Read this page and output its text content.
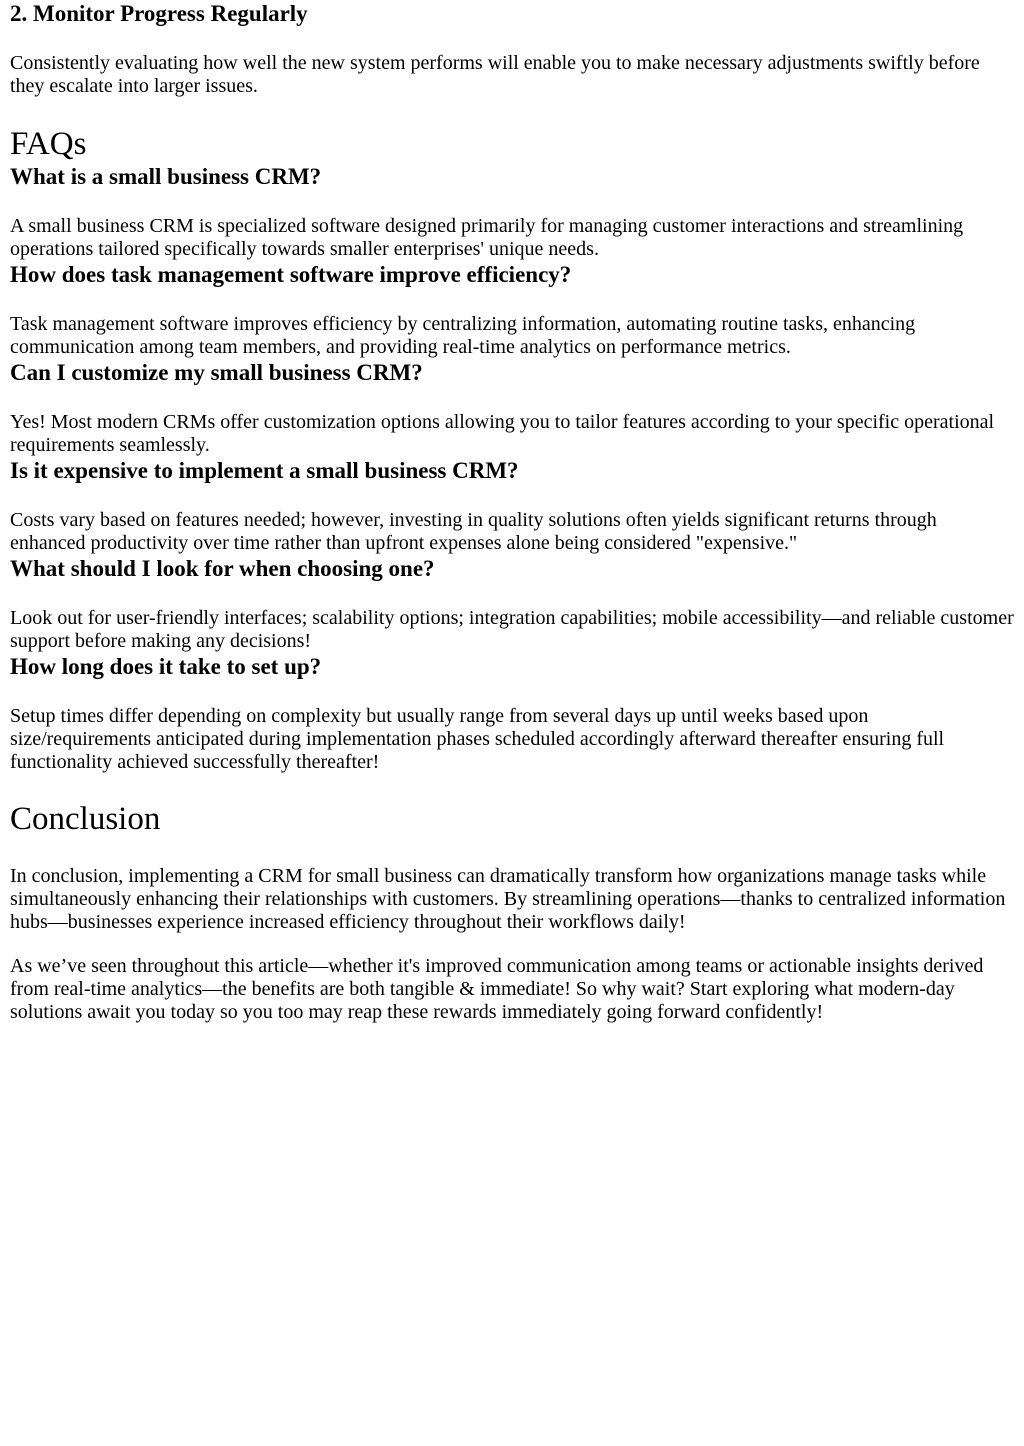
2. Monitor Progress Regularly

Consistently evaluating how well the new system performs will enable you to make necessary adjustments swiftly before they escalate into larger issues.

FAQs
What is a small business CRM?

A small business CRM is specialized software designed primarily for managing customer interactions and streamlining operations tailored specifically towards smaller enterprises' unique needs.

How does task management software improve efficiency?

Task management software improves efficiency by centralizing information, automating routine tasks, enhancing communication among team members, and providing real-time analytics on performance metrics.

Can I customize my small business CRM?

Yes! Most modern CRMs offer customization options allowing you to tailor features according to your specific operational requirements seamlessly.

Is it expensive to implement a small business CRM?

Costs vary based on features needed; however, investing in quality solutions often yields significant returns through enhanced productivity over time rather than upfront expenses alone being considered "expensive."

What should I look for when choosing one?

Look out for user-friendly interfaces; scalability options; integration capabilities; mobile accessibility—and reliable customer support before making any decisions!

How long does it take to set up?

Setup times differ depending on complexity but usually range from several days up until weeks based upon size/requirements anticipated during implementation phases scheduled accordingly afterward thereafter ensuring full functionality achieved successfully thereafter!

Conclusion

In conclusion, implementing a CRM for small business can dramatically transform how organizations manage tasks while simultaneously enhancing their relationships with customers. By streamlining operations—thanks to centralized information hubs—businesses experience increased efficiency throughout their workflows daily!

As we’ve seen throughout this article—whether it's improved communication among teams or actionable insights derived from real-time analytics—the benefits are both tangible & immediate! So why wait? Start exploring what modern-day solutions await you today so you too may reap these rewards immediately going forward confidently!
